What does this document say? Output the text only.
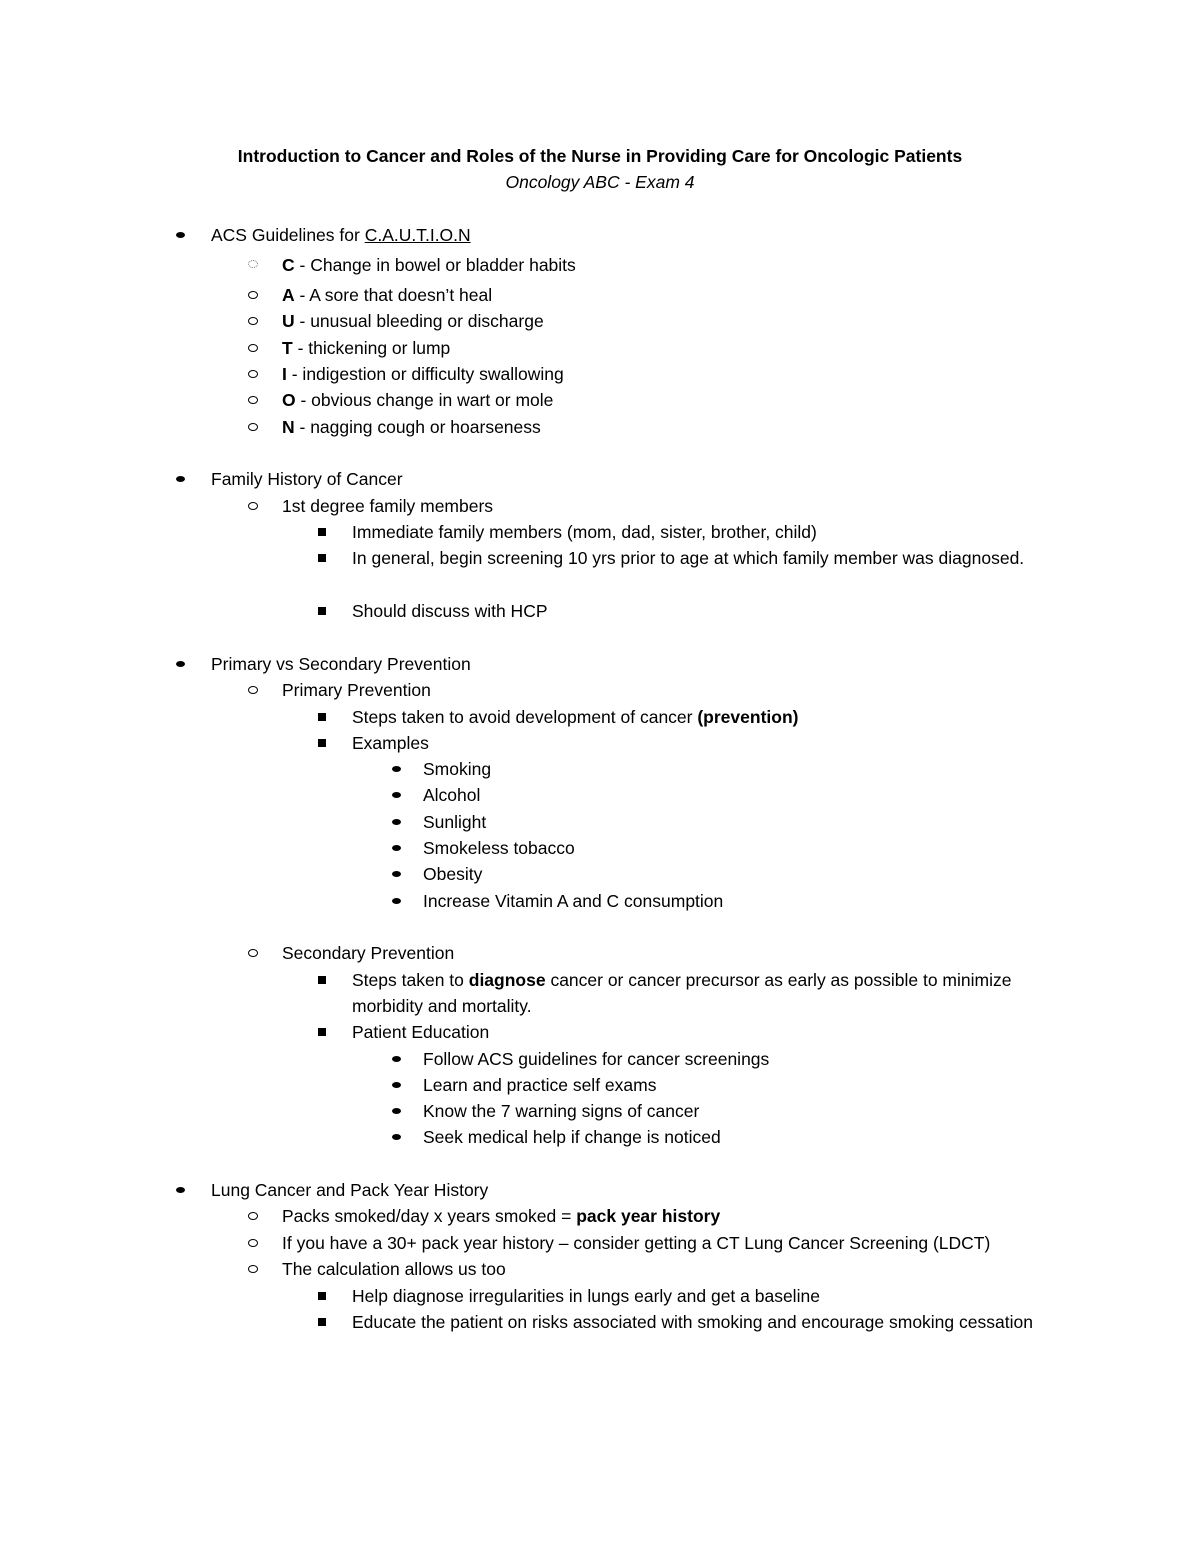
Introduction to Cancer and Roles of the Nurse in Providing Care for Oncologic Patients
Oncology ABC - Exam 4
ACS Guidelines for C.A.U.T.I.O.N
C - Change in bowel or bladder habits
A - A sore that doesn’t heal
U - unusual bleeding or discharge
T - thickening or lump
I - indigestion or difficulty swallowing
O - obvious change in wart or mole
N - nagging cough or hoarseness
Family History of Cancer
1st degree family members
Immediate family members (mom, dad, sister, brother, child)
In general, begin screening 10 yrs prior to age at which family member was diagnosed.
Should discuss with HCP
Primary vs Secondary Prevention
Primary Prevention
Steps taken to avoid development of cancer (prevention)
Examples
Smoking
Alcohol
Sunlight
Smokeless tobacco
Obesity
Increase Vitamin A and C consumption
Secondary Prevention
Steps taken to diagnose cancer or cancer precursor as early as possible to minimize morbidity and mortality.
Patient Education
Follow ACS guidelines for cancer screenings
Learn and practice self exams
Know the 7 warning signs of cancer
Seek medical help if change is noticed
Lung Cancer and Pack Year History
Packs smoked/day x years smoked = pack year history
If you have a 30+ pack year history – consider getting a CT Lung Cancer Screening (LDCT)
The calculation allows us too
Help diagnose irregularities in lungs early and get a baseline
Educate the patient on risks associated with smoking and encourage smoking cessation
